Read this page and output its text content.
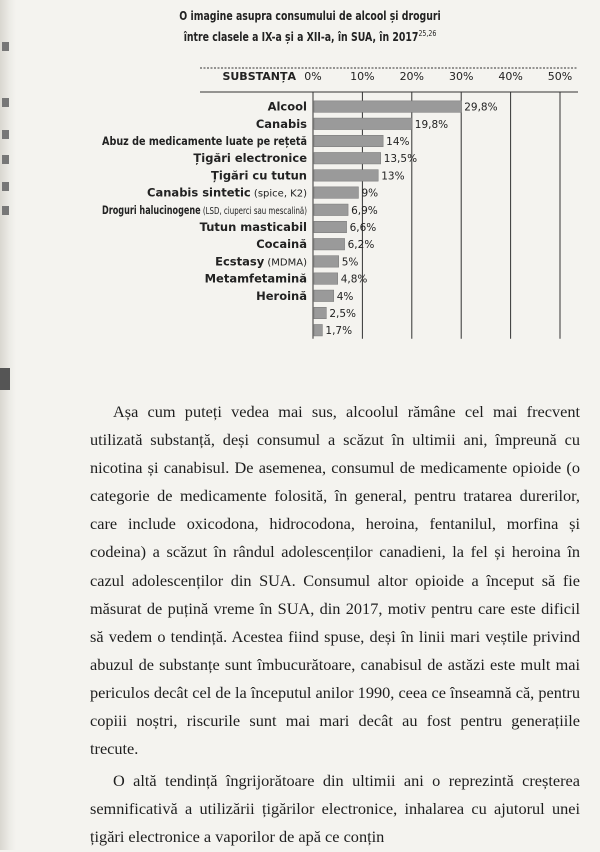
O imagine asupra consumului de alcool și droguri
între clasele a IX-a și a XII-a, în SUA, în 2017$^{25,26}$
SUBSTANȚA 0%	10% 20% 30% 40% 50%
29,8%
Alcool
19,8%
Canabis
14%
Abuz de medicamente luate pe rețetă
13,5%
Țigări electronice
13%
Țigări cu tutun
9%
Canabis sintetic (spice, K2)
6,9%
Droguri halucinogene (LSD, ciuperci sau mescalină)
6,6%
Tutun masticabil
6,2%
Cocaină
5%
Ecstasy (MDMA)
4,8%
Metamfetamină
4%
Heroină
2,5%
1,7%

Așa cum puteți vedea mai sus, alcoolul rămâne cel mai frecvent utilizată substanță, deși consumul a scăzut în ultimii ani, împreună cu nicotina și canabisul. De asemenea, consumul de medicamente opioide (o categorie de medicamente folosită, în general, pentru tratarea durerilor, care include oxicodona, hidrocodona, heroina, fentanilul, morfina și codeina) a scăzut în rândul adolescenților canadieni, la fel și heroina în cazul adolescenților din SUA. Consumul altor opioide a început să fie măsurat de puțină vreme în SUA, din 2017, motiv pentru care este dificil să vedem o tendință. Acestea fiind spuse, deși în linii mari veștile privind abuzul de substanțe sunt îmbucurătoare, canabisul de astăzi este mult mai periculos decât cel de la începutul anilor 1990, ceea ce înseamnă că, pentru copiii noștri, riscurile sunt mai mari decât au fost pentru generațiile trecute.

O altă tendință îngrijorătoare din ultimii ani o reprezintă creșterea semnificativă a utilizării țigărilor electronice, inhalarea cu ajutorul unei țigări electronice a vaporilor de apă ce conțin
